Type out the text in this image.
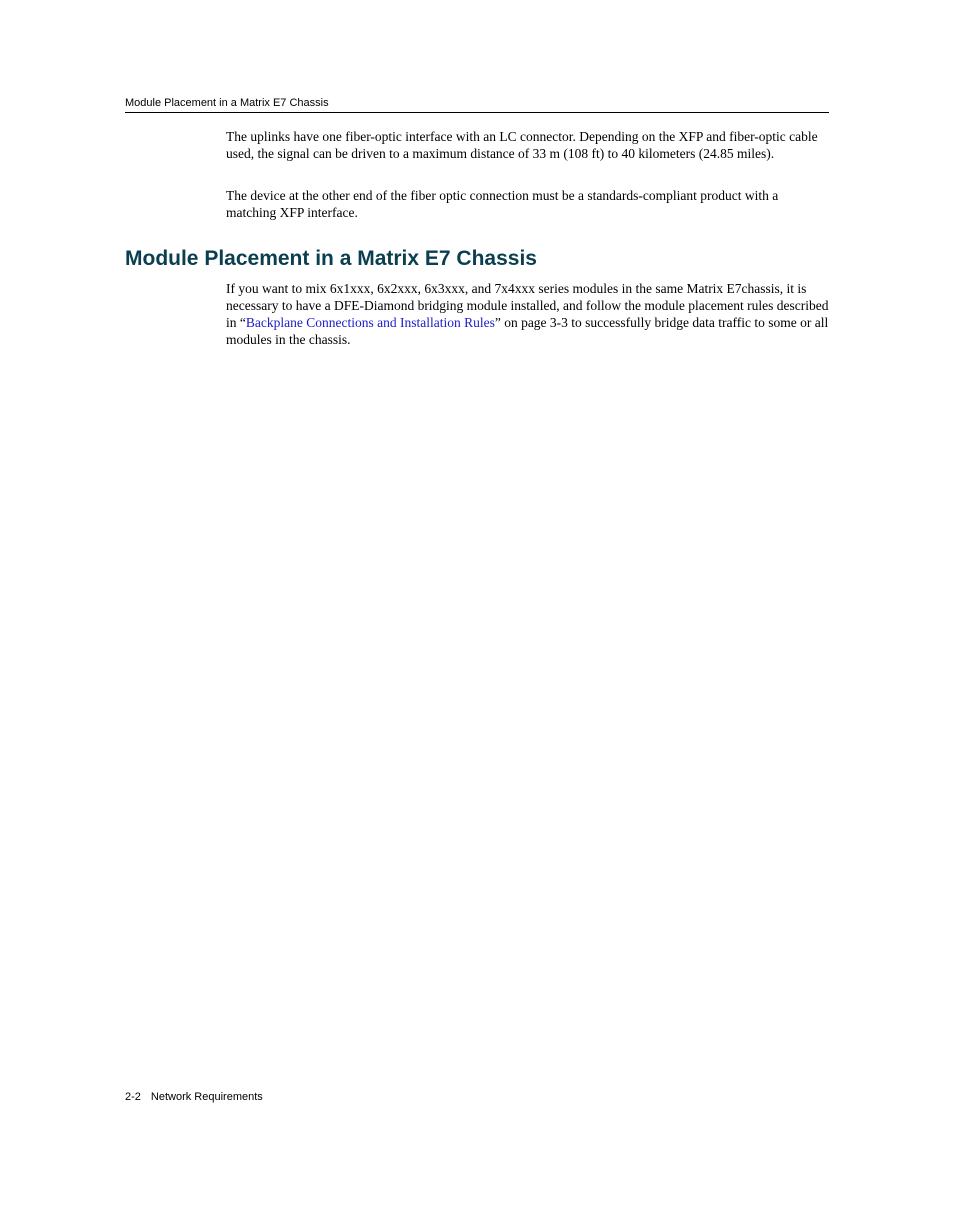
Module Placement in a Matrix E7 Chassis

The uplinks have one fiber-optic interface with an LC connector. Depending on the XFP and fiber-optic cable used, the signal can be driven to a maximum distance of 33 m (108 ft) to 40 kilometers (24.85 miles).

The device at the other end of the fiber optic connection must be a standards-compliant product with a matching XFP interface.

Module Placement in a Matrix E7 Chassis

If you want to mix 6x1xxx, 6x2xxx, 6x3xxx, and 7x4xxx series modules in the same Matrix E7chassis, it is necessary to have a DFE-Diamond bridging module installed, and follow the module placement rules described in “Backplane Connections and Installation Rules” on page 3-3 to successfully bridge data traffic to some or all modules in the chassis.

2-2 Network Requirements
